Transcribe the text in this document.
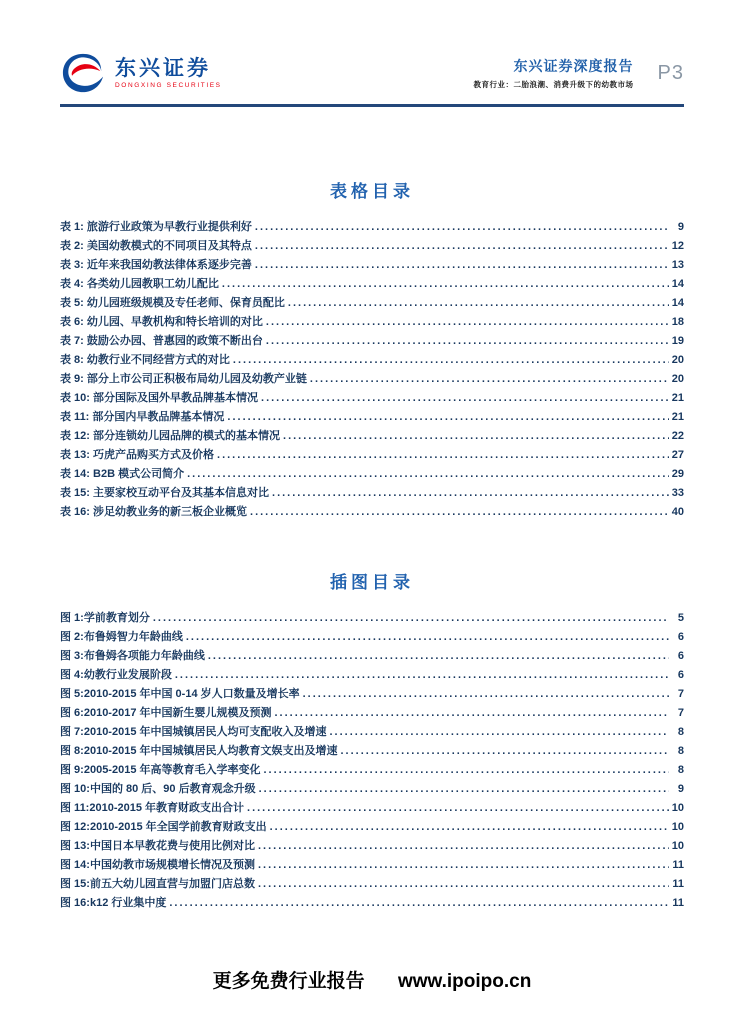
东兴证券
DONGXING SECURITIES
东兴证券深度报告
教育行业：二胎浪潮、消费升级下的幼教市场
P3
表格目录
表 1: 旅游行业政策为早教行业提供利好 .....	9
表 2: 美国幼教模式的不同项目及其特点 .....	12
表 3: 近年来我国幼教法律体系逐步完善 .....	13
表 4: 各类幼儿园教职工幼儿配比 .....	14
表 5: 幼儿园班级规模及专任老师、保育员配比 .....	14
表 6: 幼儿园、早教机构和特长培训的对比 .....	18
表 7: 鼓励公办园、普惠园的政策不断出台 .....	19
表 8: 幼教行业不同经营方式的对比 .....	20
表 9: 部分上市公司正积极布局幼儿园及幼教产业链 .....	20
表 10: 部分国际及国外早教品牌基本情况 .....	21
表 11: 部分国内早教品牌基本情况 .....	21
表 12: 部分连锁幼儿园品牌的模式的基本情况 .....	22
表 13: 巧虎产品购买方式及价格 .....	27
表 14: B2B 模式公司简介 .....	29
表 15: 主要家校互动平台及其基本信息对比 .....	33
表 16: 涉足幼教业务的新三板企业概览 .....	40
插图目录
图 1:学前教育划分 .....	5
图 2:布鲁姆智力年龄曲线 .....	6
图 3:布鲁姆各项能力年龄曲线 .....	6
图 4:幼教行业发展阶段 .....	6
图 5:2010-2015 年中国 0-14 岁人口数量及增长率 .....	7
图 6:2010-2017 年中国新生婴儿规模及预测 .....	7
图 7:2010-2015 年中国城镇居民人均可支配收入及增速 .....	8
图 8:2010-2015 年中国城镇居民人均教育文娱支出及增速 .....	8
图 9:2005-2015 年高等教育毛入学率变化 .....	8
图 10:中国的 80 后、90 后教育观念升级 .....	9
图 11:2010-2015 年教育财政支出合计 .....	10
图 12:2010-2015 年全国学前教育财政支出 .....	10
图 13:中国日本早教花费与使用比例对比 .....	10
图 14:中国幼教市场规模增长情况及预测 .....	11
图 15:前五大幼儿园直营与加盟门店总数 .....	11
图 16:k12 行业集中度 .....	11
更多免费行业报告 www.ipoipo.cn
